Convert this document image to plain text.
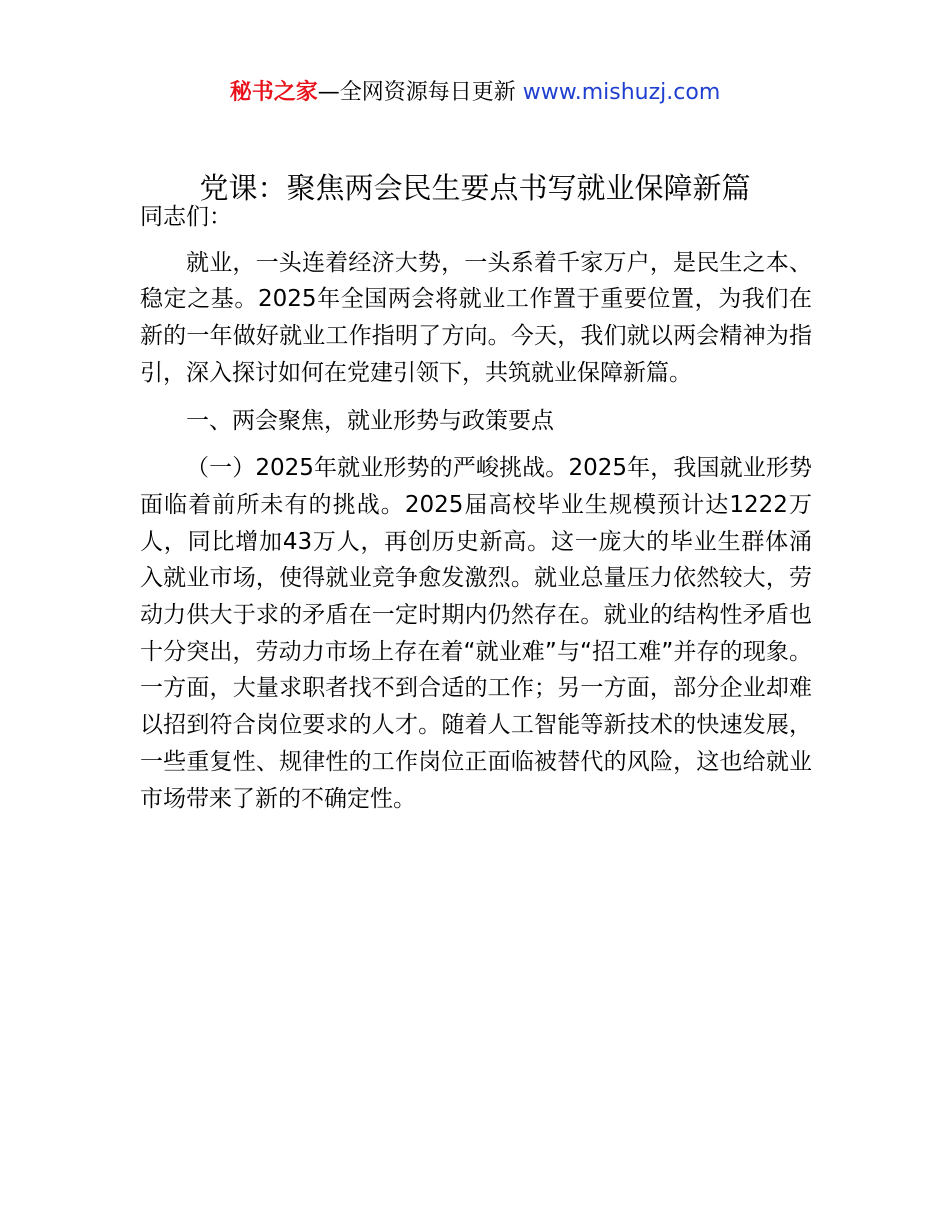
秘书之家—全网资源每日更新 www.mishuzj.com
党课：聚焦两会民生要点书写就业保障新篇

同志们：

就业，一头连着经济大势，一头系着千家万户，是民生之本、稳定之基。2025年全国两会将就业工作置于重要位置，为我们在新的一年做好就业工作指明了方向。今天，我们就以两会精神为指引，深入探讨如何在党建引领下，共筑就业保障新篇。

一、两会聚焦，就业形势与政策要点

（一）2025年就业形势的严峻挑战。2025年，我国就业形势面临着前所未有的挑战。2025届高校毕业生规模预计达1222万人，同比增加43万人，再创历史新高。这一庞大的毕业生群体涌入就业市场，使得就业竞争愈发激烈。就业总量压力依然较大，劳动力供大于求的矛盾在一定时期内仍然存在。就业的结构性矛盾也十分突出，劳动力市场上存在着“就业难”与“招工难”并存的现象。一方面，大量求职者找不到合适的工作；另一方面，部分企业却难以招到符合岗位要求的人才。随着人工智能等新技术的快速发展，一些重复性、规律性的工作岗位正面临被替代的风险，这也给就业市场带来了新的不确定性。
